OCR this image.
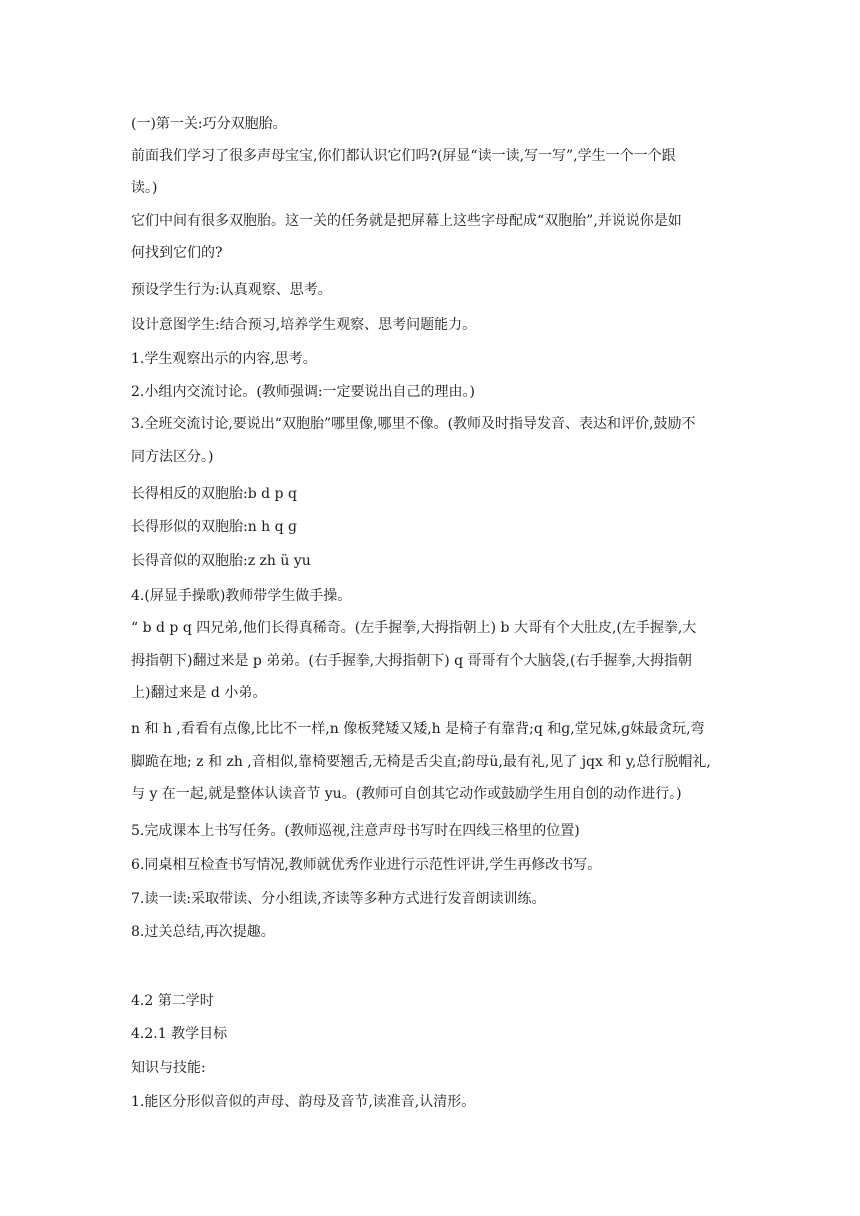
(一)第一关:巧分双胞胎。
前面我们学习了很多声母宝宝,你们都认识它们吗?(屏显“读一读,写一写”,学生一个一个跟
读。)
它们中间有很多双胞胎。这一关的任务就是把屏幕上这些字母配成“双胞胎”,并说说你是如
何找到它们的?
预设学生行为:认真观察、思考。
设计意图学生:结合预习,培养学生观察、思考问题能力。
1.学生观察出示的内容,思考。
2.小组内交流讨论。(教师强调:一定要说出自己的理由。)
3.全班交流讨论,要说出“双胞胎”哪里像,哪里不像。(教师及时指导发音、表达和评价,鼓励不
同方法区分。)
长得相反的双胞胎:b d p q
长得形似的双胞胎:n h q ɡ
长得音似的双胞胎:z zh ü yu
4.(屏显手操歌)教师带学生做手操。
“ b d p q 四兄弟,他们长得真稀奇。(左手握拳,大拇指朝上) b 大哥有个大肚皮,(左手握拳,大
拇指朝下)翻过来是 p 弟弟。(右手握拳,大拇指朝下) q 哥哥有个大脑袋,(右手握拳,大拇指朝
上)翻过来是 d 小弟。
n 和 h ,看看有点像,比比不一样,n 像板凳矮又矮,h 是椅子有靠背;q 和ɡ,堂兄妹,ɡ妹最贪玩,弯
脚跪在地; z 和 zh ,音相似,靠椅要翘舌,无椅是舌尖直;韵母ü,最有礼,见了 jqx 和 y,总行脱帽礼,
与 y 在一起,就是整体认读音节 yu。(教师可自创其它动作或鼓励学生用自创的动作进行。)
5.完成课本上书写任务。(教师巡视,注意声母书写时在四线三格里的位置)
6.同桌相互检查书写情况,教师就优秀作业进行示范性评讲,学生再修改书写。
7.读一读:采取带读、分小组读,齐读等多种方式进行发音朗读训练。
8.过关总结,再次提趣。
4.2 第二学时
4.2.1 教学目标
知识与技能:
1.能区分形似音似的声母、韵母及音节,读准音,认清形。
